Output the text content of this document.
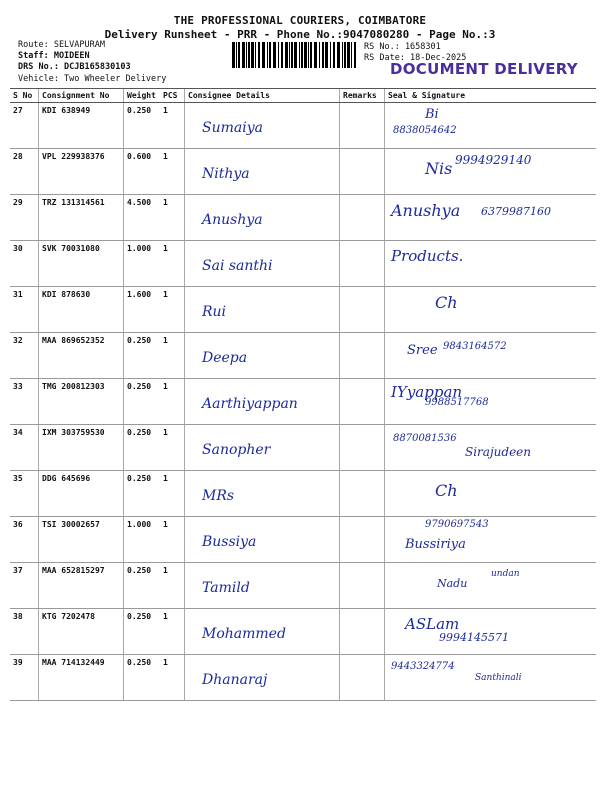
THE PROFESSIONAL COURIERS, COIMBATORE
Delivery Runsheet - PRR - Phone No.:9047080280 - Page No.:3
Route: SELVAPURAM
Staff: MOIDEEN
DRS No.: DCJB165830103
RS No.: 1658301
RS Date: 18-Dec-2025
DOCUMENT DELIVERY
Vehicle: Two Wheeler Delivery
S No	Consignment No	Weight	PCS	Consignee Details	Remarks	Seal & Signature
27	KDI 638949	0.250	1	Sumaiya		Bi
8838054642

28	VPL 229938376	0.600	1	Nithya		Nis 9994929140

29	TRZ 131314561	4.500	1	Anushya		Anushya 6379987160

30	SVK 70031080	1.000	1	Sai santhi		Products.

31	KDI 878630	1.600	1	Rui		Ch

32	MAA 869652352	0.250	1	Deepa		Sree 9843164572

33	TMG 200812303	0.250	1	Aarthiyappan		IYyappan
9988517768

34	IXM 303759530	0.250	1	Sanopher		8870081536
Sirajudeen

35	DDG 645696	0.250	1	MRs		Ch

36	TSI 30002657	1.000	1	Bussiya		9790697543
Bussiriya

37	MAA 652815297	0.250	1	Tamild		Nadu
undan

38	KTG 7202478	0.250	1	Mohammed		ASLam
9994145571

39	MAA 714132449	0.250	1	Dhanaraj		9443324774
Santhinali
